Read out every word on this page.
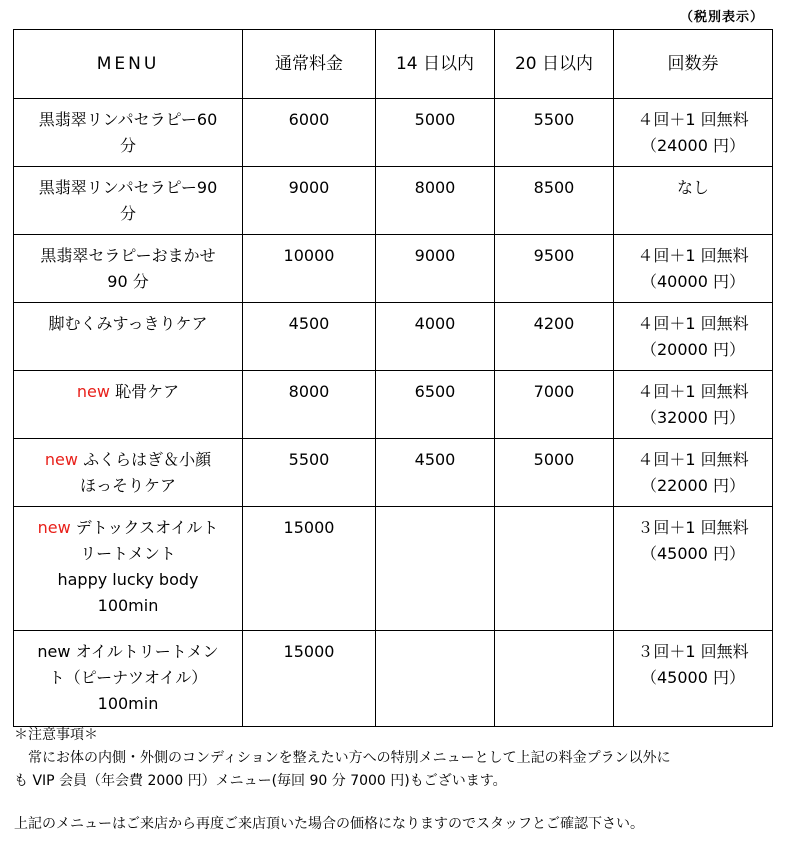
（税別表示）
MENU	通常料金	14 日以内	20 日以内	回数券
黒翡翠リンパセラピー60
分	6000	5000	5500	４回＋1 回無料
（24000 円）
黒翡翠リンパセラピー90
分	9000	8000	8500	なし

黒翡翠セラピーおまかせ
90 分	10000	9000	9500	４回＋1 回無料
（40000 円）
脚むくみすっきりケア	4500	4000	4200	４回＋1 回無料
（20000 円）
new 恥骨ケア	8000	6500	7000	４回＋1 回無料
（32000 円）
new ふくらはぎ＆小顔
ほっそりケア	5500	4500	5000	４回＋1 回無料
（22000 円）
new デトックスオイルト
リートメント
happy lucky body
100min	15000			３回＋1 回無料
（45000 円）
new オイルトリートメン
ト（ピーナツオイル）
100min	15000			３回＋1 回無料
（45000 円）

＊注意事項＊

　常にお体の内側・外側のコンディションを整えたい方への特別メニューとして上記の料金プラン以外に

も VIP 会員（年会費 2000 円）メニュー(毎回 90 分 7000 円)もございます。

上記のメニューはご来店から再度ご来店頂いた場合の価格になりますのでスタッフとご確認下さい。
